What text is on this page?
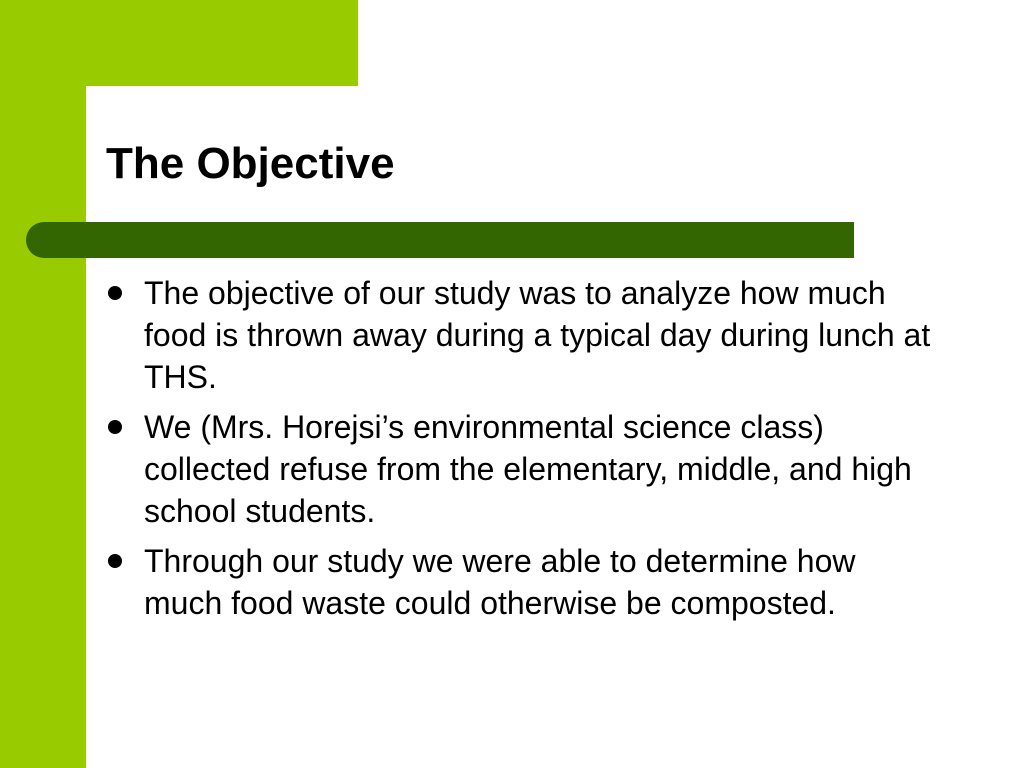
The Objective
The objective of our study was to analyze how much food is thrown away during a typical day during lunch at THS.
We (Mrs. Horejsi’s environmental science class) collected refuse from the elementary, middle, and high school students.
Through our study we were able to determine how much food waste could otherwise be composted.
